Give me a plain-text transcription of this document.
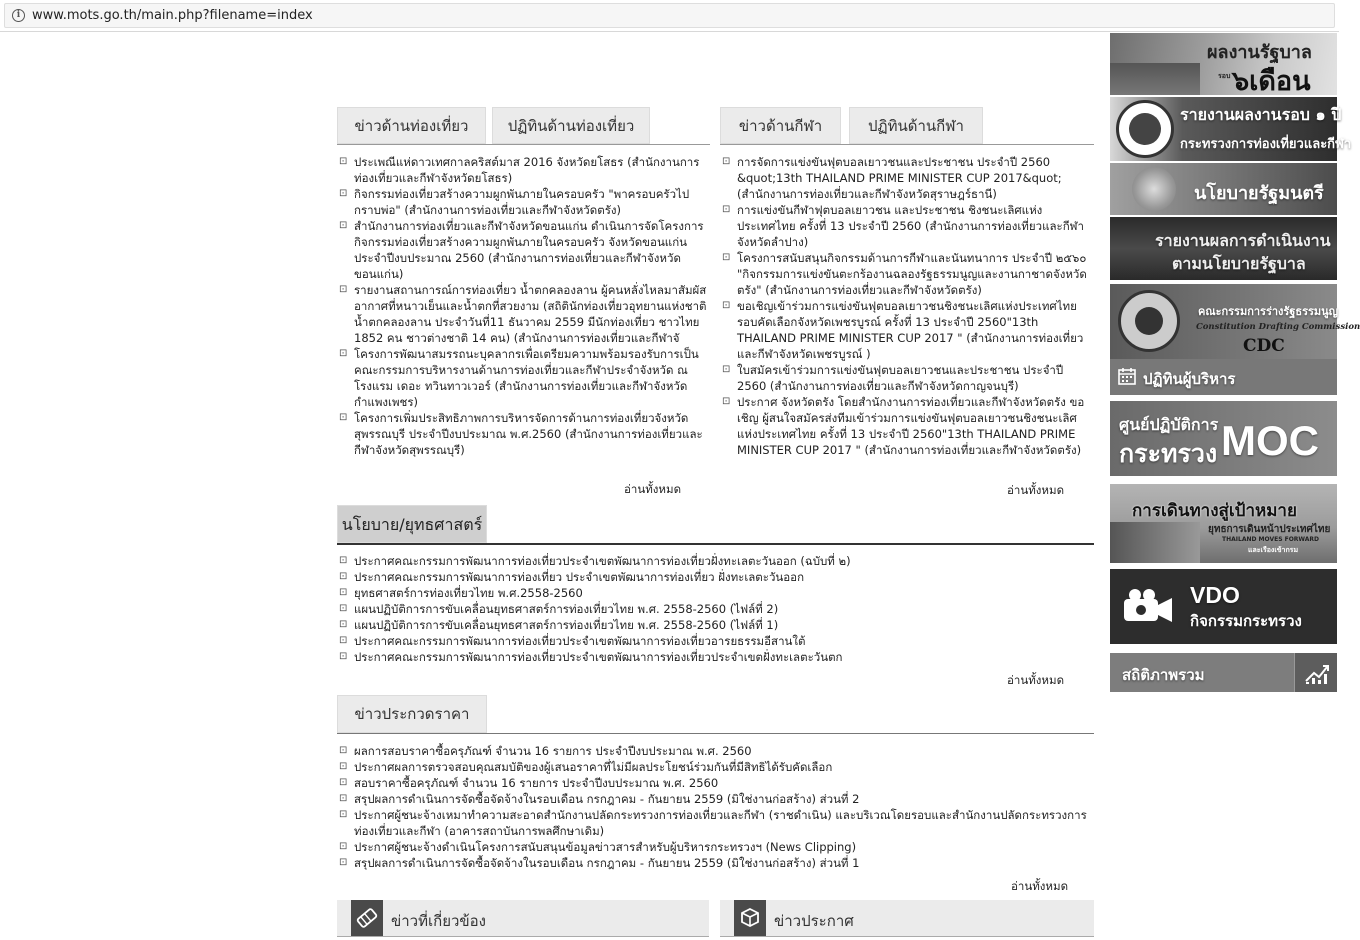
i www.mots.go.th/main.php?filename=index
ข่าวด้านท่องเที่ยว	ปฏิทินด้านท่องเที่ยว
⊡ ประเพณีแห่ดาวเทศกาลคริสต์มาส 2016 จังหวัดยโสธร (สำนักงานการท่องเที่ยวและกีฬาจังหวัดยโสธร)
⊡ กิจกรรมท่องเที่ยวสร้างความผูกพันภายในครอบครัว "พาครอบครัวไปกราบพ่อ" (สำนักงานการท่องเที่ยวและกีฬาจังหวัดตรัง)
⊡ สำนักงานการท่องเที่ยวและกีฬาจังหวัดขอนแก่น ดำเนินการจัดโครงการกิจกรรมท่องเที่ยวสร้างความผูกพันภายในครอบครัว จังหวัดขอนแก่น ประจำปีงบประมาณ 2560 (สำนักงานการท่องเที่ยวและกีฬาจังหวัดขอนแก่น)
⊡ รายงานสถานการณ์การท่องเที่ยว น้ำตกคลองลาน ผู้คนหลั่งไหลมาสัมผัส อากาศที่หนาวเย็นและน้ำตกที่สวยงาม (สถิตินักท่องเที่ยวอุทยานแห่งชาติน้ำตกคลองลาน ประจำวันที่11 ธันวาคม 2559 มีนักท่องเที่ยว ชาวไทย 1852 คน ชาวต่างชาติ 14 คน) (สำนักงานการท่องเที่ยวและกีฬาจั
⊡ โครงการพัฒนาสมรรถนะบุคลากรเพื่อเตรียมความพร้อมรองรับการเป็นคณะกรรมการบริหารงานด้านการท่องเที่ยวและกีฬาประจำจังหวัด ณ โรงแรม เดอะ ทวินทาวเวอร์ (สำนักงานการท่องเที่ยวและกีฬาจังหวัดกำแพงเพชร)
⊡ โครงการเพิ่มประสิทธิภาพการบริหารจัดการด้านการท่องเที่ยวจังหวัดสุพรรณบุรี ประจำปีงบประมาณ พ.ศ.2560 (สำนักงานการท่องเที่ยวและกีฬาจังหวัดสุพรรณบุรี)
อ่านทั้งหมด
ข่าวด้านกีฬา	ปฏิทินด้านกีฬา
⊡ การจัดการแข่งขันฟุตบอลเยาวชนและประชาชน ประจำปี 2560 &quot;13th THAILAND PRIME MINISTER CUP 2017&quot; (สำนักงานการท่องเที่ยวและกีฬาจังหวัดสุราษฎร์ธานี)
⊡ การแข่งขันกีฬาฟุตบอลเยาวชน และประชาชน ชิงชนะเลิศแห่งประเทศไทย ครั้งที่ 13 ประจำปี 2560 (สำนักงานการท่องเที่ยวและกีฬาจังหวัดลำปาง)
⊡ โครงการสนับสนุนกิจกรรมด้านการกีฬาและนันทนาการ ประจำปี ๒๕๖๐ "กิจกรรมการแข่งขันตะกร้องานฉลองรัฐธรรมนูญและงานกาชาดจังหวัดตรัง" (สำนักงานการท่องเที่ยวและกีฬาจังหวัดตรัง)
⊡ ขอเชิญเข้าร่วมการแข่งขันฟุตบอลเยาวชนชิงชนะเลิศแห่งประเทศไทยรอบคัดเลือกจังหวัดเพชรบูรณ์ ครั้งที่ 13 ประจำปี 2560"13th THAILAND PRIME MINISTER CUP 2017 " (สำนักงานการท่องเที่ยวและกีฬาจังหวัดเพชรบูรณ์ )
⊡ ใบสมัครเข้าร่วมการแข่งขันฟุตบอลเยาวชนและประชาชน ประจำปี 2560 (สำนักงานการท่องเที่ยวและกีฬาจังหวัดกาญจนบุรี)
⊡ ประกาศ จังหวัดตรัง โดยสำนักงานการท่องเที่ยวและกีฬาจังหวัดตรัง ขอเชิญ ผู้สนใจสมัครส่งทีมเข้าร่วมการแข่งขันฟุตบอลเยาวชนชิงชนะเลิศแห่งประเทศไทย ครั้งที่ 13 ประจำปี 2560"13th THAILAND PRIME MINISTER CUP 2017 " (สำนักงานการท่องเที่ยวและกีฬาจังหวัดตรัง)
อ่านทั้งหมด
นโยบาย/ยุทธศาสตร์
⊡ ประกาศคณะกรรมการพัฒนาการท่องเที่ยวประจำเขตพัฒนาการท่องเที่ยวฝั่งทะเลตะวันออก (ฉบับที่ ๒)
⊡ ประกาศคณะกรรมการพัฒนาการท่องเที่ยว ประจำเขตพัฒนาการท่องเที่ยว ฝั่งทะเลตะวันออก
⊡ ยุทธศาสตร์การท่องเที่ยวไทย พ.ศ.2558-2560
⊡ แผนปฏิบัติการการขับเคลื่อนยุทธศาสตร์การท่องเที่ยวไทย พ.ศ. 2558-2560 (ไฟล์ที่ 2)
⊡ แผนปฏิบัติการการขับเคลื่อนยุทธศาสตร์การท่องเที่ยวไทย พ.ศ. 2558-2560 (ไฟล์ที่ 1)
⊡ ประกาศคณะกรรมการพัฒนาการท่องเที่ยวประจำเขตพัฒนาการท่องเที่ยวอารยธรรมอีสานใต้
⊡ ประกาศคณะกรรมการพัฒนาการท่องเที่ยวประจำเขตพัฒนาการท่องเที่ยวประจำเขตฝั่งทะเลตะวันตก
อ่านทั้งหมด
ข่าวประกวดราคา
⊡ ผลการสอบราคาซื้อครุภัณฑ์ จำนวน 16 รายการ ประจำปีงบประมาณ พ.ศ. 2560
⊡ ประกาศผลการตรวจสอบคุณสมบัติของผู้เสนอราคาที่ไม่มีผลประโยชน์ร่วมกันที่มีสิทธิได้รับคัดเลือก
⊡ สอบราคาซื้อครุภัณฑ์ จำนวน 16 รายการ ประจำปีงบประมาณ พ.ศ. 2560
⊡ สรุปผลการดำเนินการจัดซื้อจัดจ้างในรอบเดือน กรกฎาคม - กันยายน 2559 (มิใช่งานก่อสร้าง) ส่วนที่ 2
⊡ ประกาศผู้ชนะจ้างเหมาทำความสะอาดสำนักงานปลัดกระทรวงการท่องเที่ยวและกีฬา (ราชดำเนิน) และบริเวณโดยรอบและสำนักงานปลัดกระทรวงการท่องเที่ยวและกีฬา (อาคารสถาบันการพลศึกษาเดิม)
⊡ ประกาศผู้ชนะจ้างดำเนินโครงการสนับสนุนข้อมูลข่าวสารสำหรับผู้บริหารกระทรวงฯ (News Clipping)
⊡ สรุปผลการดำเนินการจัดซื้อจัดจ้างในรอบเดือน กรกฎาคม - กันยายน 2559 (มิใช่งานก่อสร้าง) ส่วนที่ 1
อ่านทั้งหมด
ข่าวที่เกี่ยวข้อง	ข่าวประกาศ
ผลงานรัฐบาล
รอบ ๖เดือน
รายงานผลงานรอบ ๑ ปี
กระทรวงการท่องเที่ยวและกีฬา
นโยบายรัฐมนตรี
รายงานผลการดำเนินงาน
ตามนโยบายรัฐบาล
คณะกรรมการร่างรัฐธรรมนูญ
Constitution Drafting Commission
CDC
ปฏิทินผู้บริหาร
ศูนย์ปฏิบัติการ
กระทรวง MOC
การเดินทางสู่เป้าหมาย
ยุทธการเดินหน้าประเทศไทย
THAILAND MOVES FORWARD
และเรืองเข้ากรม
VDO
กิจกรรมกระทรวง
สถิติภาพรวม
